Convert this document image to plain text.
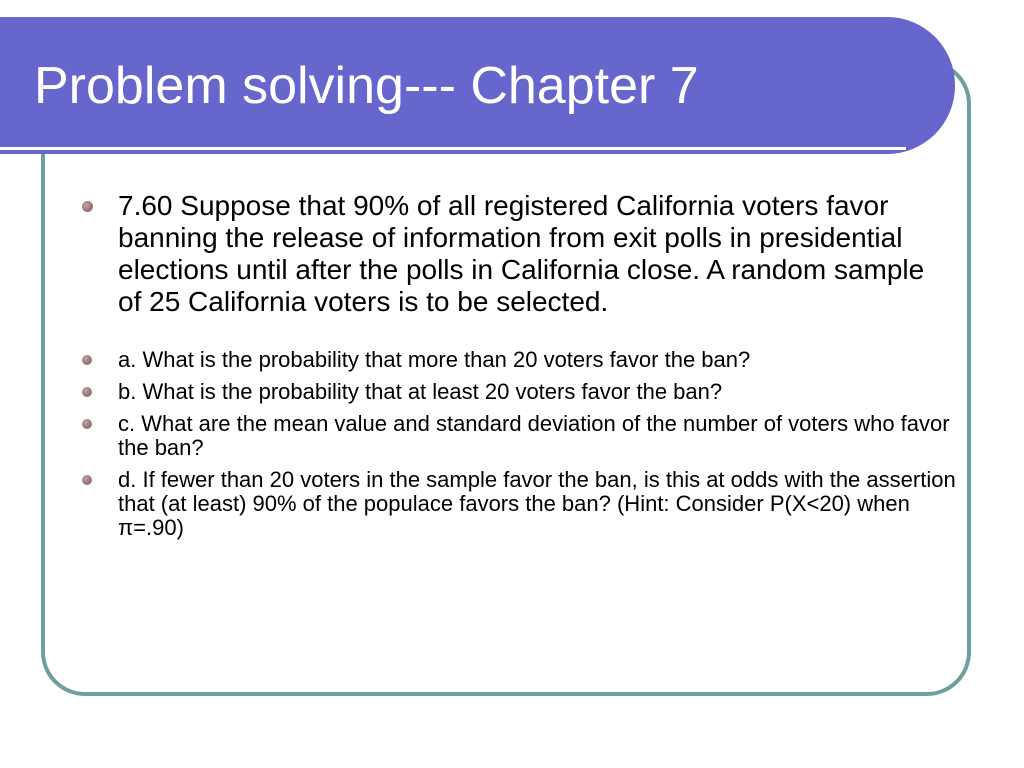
Problem solving--- Chapter 7
7.60 Suppose that 90% of all registered California voters favor banning the release of information from exit polls in presidential elections until after the polls in California close. A random sample of 25 California voters is to be selected.
a. What is the probability that more than 20 voters favor the ban?
b. What is the probability that at least 20 voters favor the ban?
c. What are the mean value and standard deviation of the number of voters who favor the ban?
d. If fewer than 20 voters in the sample favor the ban, is this at odds with the assertion that (at least) 90% of the populace favors the ban? (Hint: Consider P(X<20) when π=.90)
